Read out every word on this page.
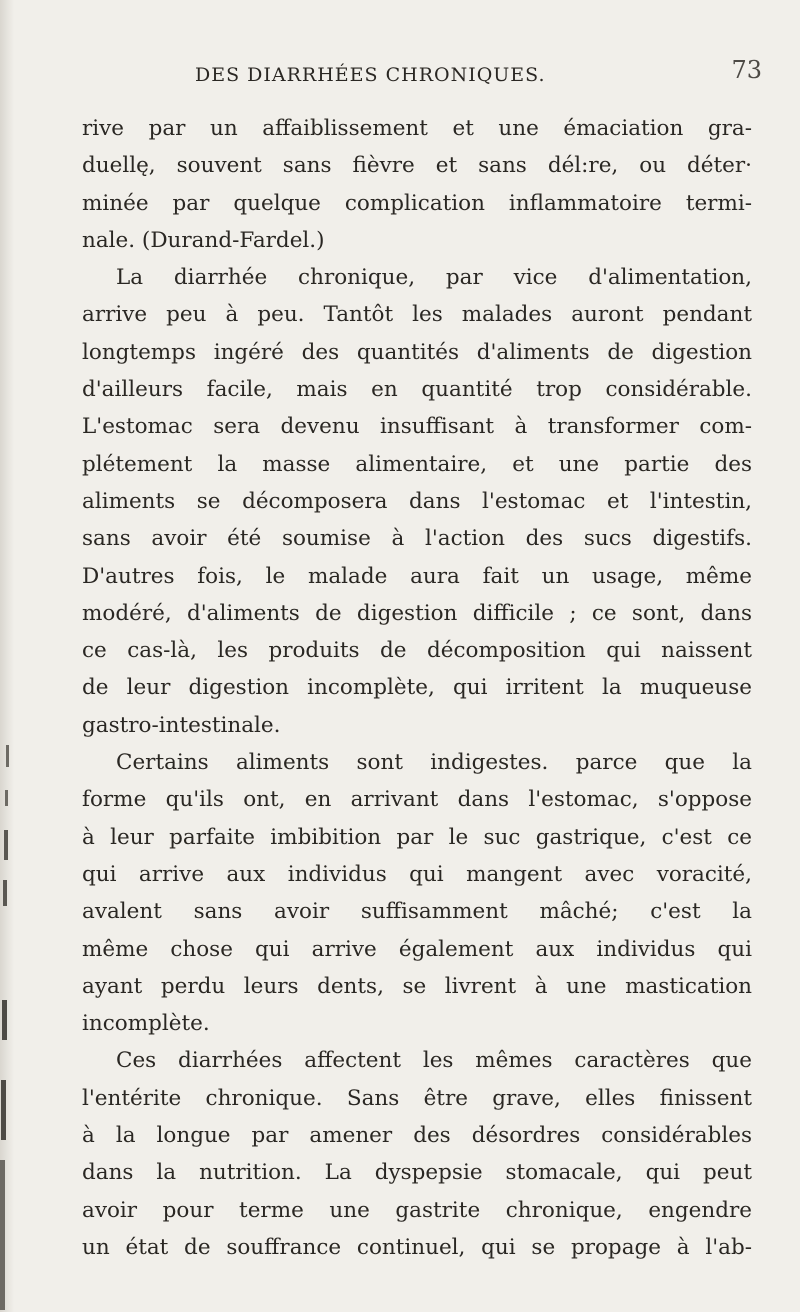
DES DIARRHÉES CHRONIQUES.	73
rive par un affaiblissement et une émaciation gra-
duellę, souvent sans fièvre et sans dél:re, ou déter·
minée par quelque complication inflammatoire termi-
nale. (Durand-Fardel.)
La diarrhée chronique, par vice d'alimentation,
arrive peu à peu. Tantôt les malades auront pendant
longtemps ingéré des quantités d'aliments de digestion
d'ailleurs facile, mais en quantité trop considérable.
L'estomac sera devenu insuffisant à transformer com-
plétement la masse alimentaire, et une partie des
aliments se décomposera dans l'estomac et l'intestin,
sans avoir été soumise à l'action des sucs digestifs.
D'autres fois, le malade aura fait un usage, même
modéré, d'aliments de digestion difficile ; ce sont, dans
ce cas-là, les produits de décomposition qui naissent
de leur digestion incomplète, qui irritent la muqueuse
gastro-intestinale.
Certains aliments sont indigestes. parce que la
forme qu'ils ont, en arrivant dans l'estomac, s'oppose
à leur parfaite imbibition par le suc gastrique, c'est ce
qui arrive aux individus qui mangent avec voracité,
avalent sans avoir suffisamment mâché; c'est la
même chose qui arrive également aux individus qui
ayant perdu leurs dents, se livrent à une mastication
incomplète.
Ces diarrhées affectent les mêmes caractères que
l'entérite chronique. Sans être grave, elles finissent
à la longue par amener des désordres considérables
dans la nutrition. La dyspepsie stomacale, qui peut
avoir pour terme une gastrite chronique, engendre
un état de souffrance continuel, qui se propage à l'ab-
